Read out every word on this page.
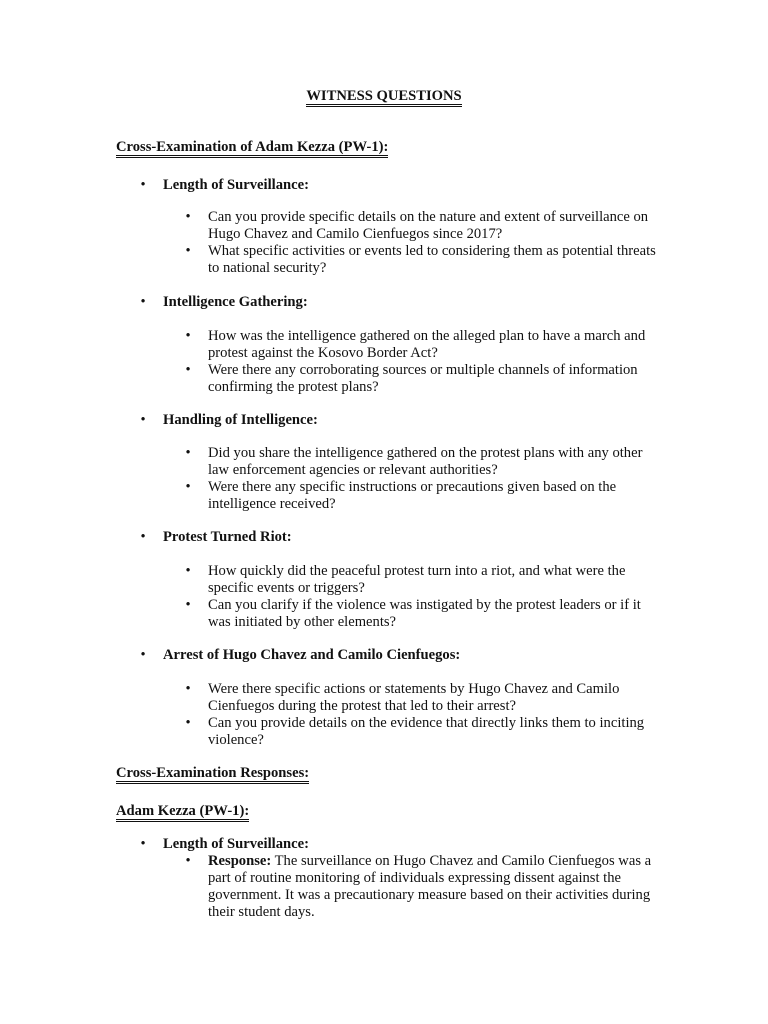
WITNESS QUESTIONS
Cross-Examination of Adam Kezza (PW-1):
• Length of Surveillance:
• Can you provide specific details on the nature and extent of surveillance on Hugo Chavez and Camilo Cienfuegos since 2017?
• What specific activities or events led to considering them as potential threats to national security?
• Intelligence Gathering:
• How was the intelligence gathered on the alleged plan to have a march and protest against the Kosovo Border Act?
• Were there any corroborating sources or multiple channels of information confirming the protest plans?
• Handling of Intelligence:
• Did you share the intelligence gathered on the protest plans with any other law enforcement agencies or relevant authorities?
• Were there any specific instructions or precautions given based on the intelligence received?
• Protest Turned Riot:
• How quickly did the peaceful protest turn into a riot, and what were the specific events or triggers?
• Can you clarify if the violence was instigated by the protest leaders or if it was initiated by other elements?
• Arrest of Hugo Chavez and Camilo Cienfuegos:
• Were there specific actions or statements by Hugo Chavez and Camilo Cienfuegos during the protest that led to their arrest?
• Can you provide details on the evidence that directly links them to inciting violence?
Cross-Examination Responses:
Adam Kezza (PW-1):
• Length of Surveillance:
• Response: The surveillance on Hugo Chavez and Camilo Cienfuegos was a part of routine monitoring of individuals expressing dissent against the government. It was a precautionary measure based on their activities during their student days.
